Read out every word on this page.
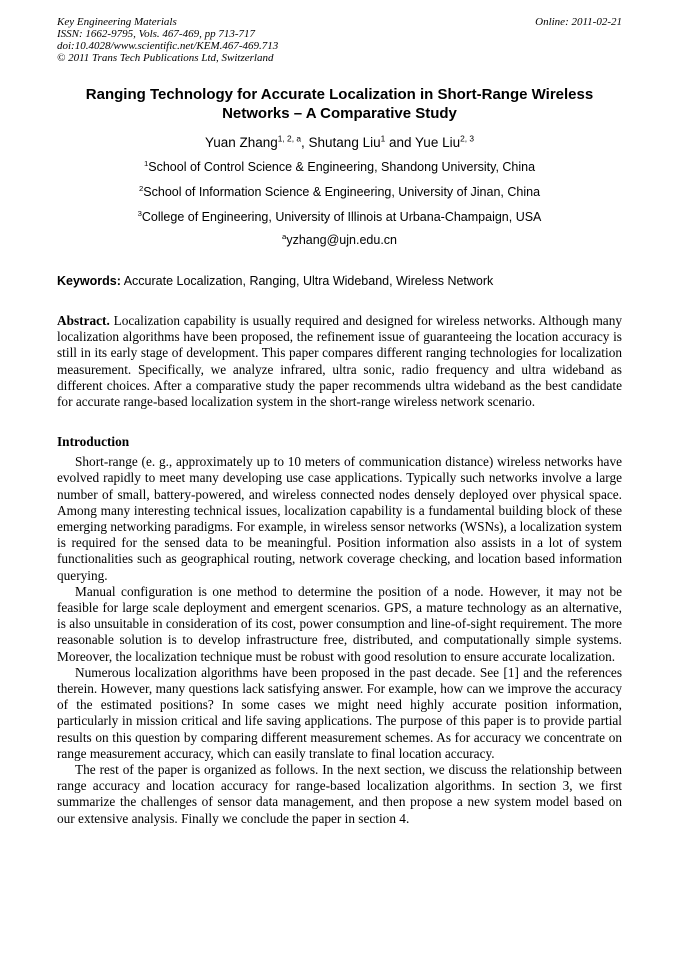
Key Engineering Materials
ISSN: 1662-9795, Vols. 467-469, pp 713-717
doi:10.4028/www.scientific.net/KEM.467-469.713
© 2011 Trans Tech Publications Ltd, Switzerland
Online: 2011-02-21
Ranging Technology for Accurate Localization in Short-Range Wireless
Networks – A Comparative Study
Yuan Zhang$^{1, 2, a}$, Shutang Liu$^1$ and Yue Liu$^{2, 3}$
$^1$School of Control Science & Engineering, Shandong University, China
$^2$School of Information Science & Engineering, University of Jinan, China
$^3$College of Engineering, University of Illinois at Urbana-Champaign, USA
$^a$yzhang@ujn.edu.cn
Keywords: Accurate Localization, Ranging, Ultra Wideband, Wireless Network

Abstract. Localization capability is usually required and designed for wireless networks. Although many localization algorithms have been proposed, the refinement issue of guaranteeing the location accuracy is still in its early stage of development. This paper compares different ranging technologies for localization measurement. Specifically, we analyze infrared, ultra sonic, radio frequency and ultra wideband as different choices. After a comparative study the paper recommends ultra wideband as the best candidate for accurate range-based localization system in the short-range wireless network scenario.

Introduction

Short-range (e. g., approximately up to 10 meters of communication distance) wireless networks have evolved rapidly to meet many developing use case applications. Typically such networks involve a large number of small, battery-powered, and wireless connected nodes densely deployed over physical space. Among many interesting technical issues, localization capability is a fundamental building block of these emerging networking paradigms. For example, in wireless sensor networks (WSNs), a localization system is required for the sensed data to be meaningful. Position information also assists in a lot of system functionalities such as geographical routing, network coverage checking, and location based information querying.

Manual configuration is one method to determine the position of a node. However, it may not be feasible for large scale deployment and emergent scenarios. GPS, a mature technology as an alternative, is also unsuitable in consideration of its cost, power consumption and line-of-sight requirement. The more reasonable solution is to develop infrastructure free, distributed, and computationally simple systems. Moreover, the localization technique must be robust with good resolution to ensure accurate localization.

Numerous localization algorithms have been proposed in the past decade. See [1] and the references therein. However, many questions lack satisfying answer. For example, how can we improve the accuracy of the estimated positions? In some cases we might need highly accurate position information, particularly in mission critical and life saving applications. The purpose of this paper is to provide partial results on this question by comparing different measurement schemes. As for accuracy we concentrate on range measurement accuracy, which can easily translate to final location accuracy.

The rest of the paper is organized as follows. In the next section, we discuss the relationship between range accuracy and location accuracy for range-based localization algorithms. In section 3, we first summarize the challenges of sensor data management, and then propose a new system model based on our extensive analysis. Finally we conclude the paper in section 4.
